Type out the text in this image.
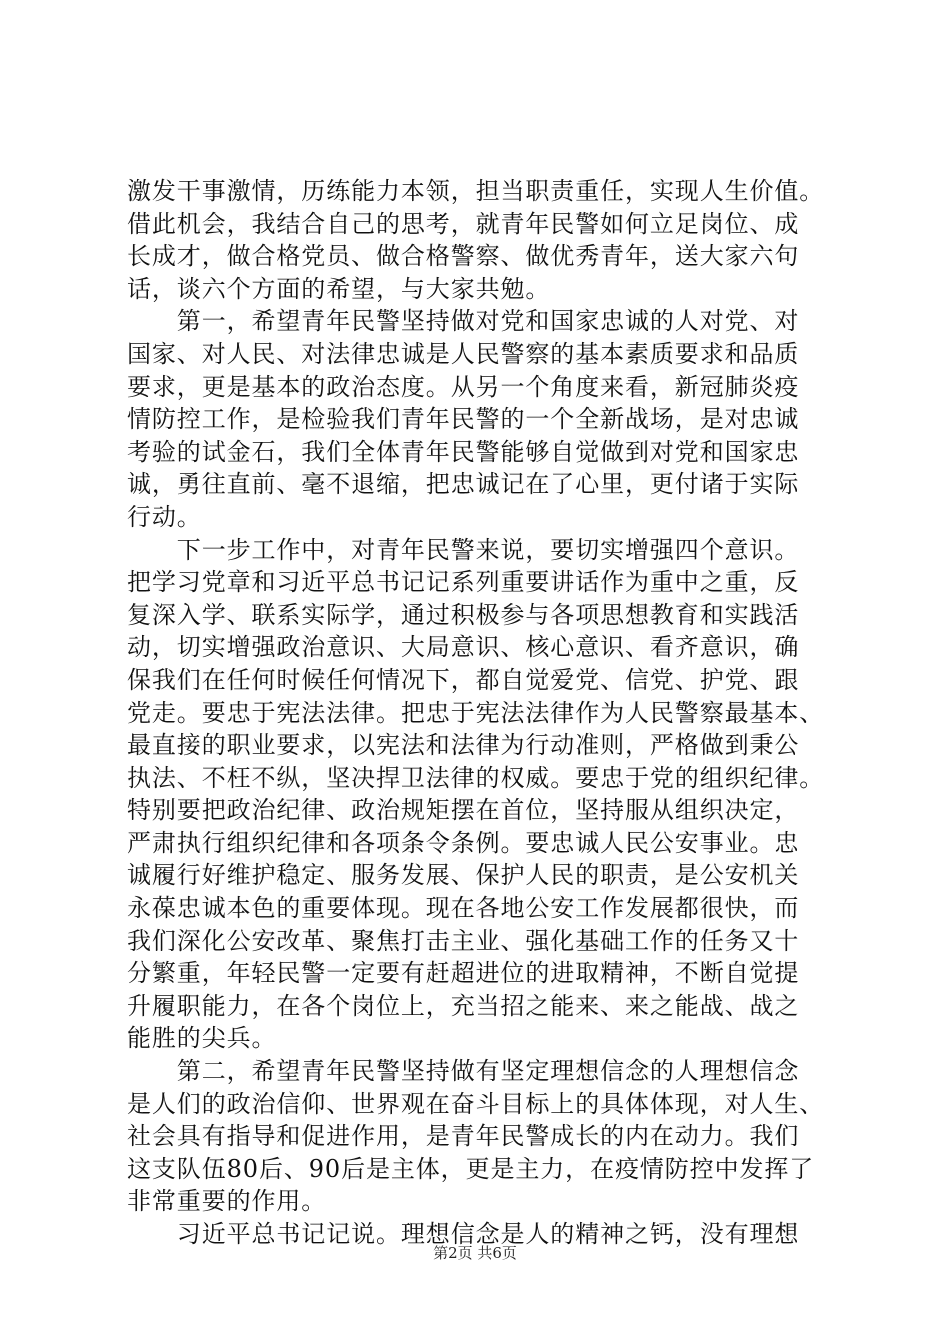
激发干事激情，历练能力本领，担当职责重任，实现人生价值。
借此机会，我结合自己的思考，就青年民警如何立足岗位、成
长成才，做合格党员、做合格警察、做优秀青年，送大家六句
话，谈六个方面的希望，与大家共勉。
　　第一，希望青年民警坚持做对党和国家忠诚的人对党、对
国家、对人民、对法律忠诚是人民警察的基本素质要求和品质
要求，更是基本的政治态度。从另一个角度来看，新冠肺炎疫
情防控工作，是检验我们青年民警的一个全新战场，是对忠诚
考验的试金石，我们全体青年民警能够自觉做到对党和国家忠
诚，勇往直前、毫不退缩，把忠诚记在了心里，更付诸于实际
行动。
　　下一步工作中，对青年民警来说，要切实增强四个意识。
把学习党章和习近平总书记记系列重要讲话作为重中之重，反
复深入学、联系实际学，通过积极参与各项思想教育和实践活
动，切实增强政治意识、大局意识、核心意识、看齐意识，确
保我们在任何时候任何情况下，都自觉爱党、信党、护党、跟
党走。要忠于宪法法律。把忠于宪法法律作为人民警察最基本、
最直接的职业要求，以宪法和法律为行动准则，严格做到秉公
执法、不枉不纵，坚决捍卫法律的权威。要忠于党的组织纪律。
特别要把政治纪律、政治规矩摆在首位，坚持服从组织决定，
严肃执行组织纪律和各项条令条例。要忠诚人民公安事业。忠
诚履行好维护稳定、服务发展、保护人民的职责，是公安机关
永葆忠诚本色的重要体现。现在各地公安工作发展都很快，而
我们深化公安改革、聚焦打击主业、强化基础工作的任务又十
分繁重，年轻民警一定要有赶超进位的进取精神，不断自觉提
升履职能力，在各个岗位上，充当招之能来、来之能战、战之
能胜的尖兵。
　　第二，希望青年民警坚持做有坚定理想信念的人理想信念
是人们的政治信仰、世界观在奋斗目标上的具体体现，对人生、
社会具有指导和促进作用，是青年民警成长的内在动力。我们
这支队伍80后、90后是主体，更是主力，在疫情防控中发挥了
非常重要的作用。
　　习近平总书记记说。理想信念是人的精神之钙，没有理想
第2页 共6页
